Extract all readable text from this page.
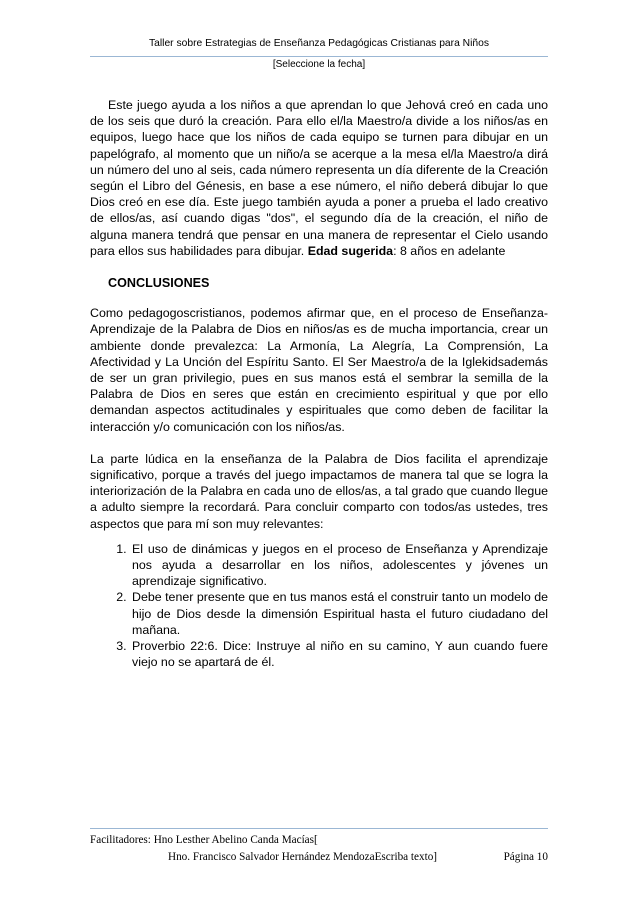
Taller sobre Estrategias de Enseñanza Pedagógicas Cristianas para Niños
[Seleccione la fecha]

Este juego ayuda a los niños a que aprendan lo que Jehová creó en cada uno de los seis que duró la creación. Para ello el/la Maestro/a divide a los niños/as en equipos, luego hace que los niños de cada equipo se turnen para dibujar en un papelógrafo, al momento que un niño/a se acerque a la mesa el/la Maestro/a dirá un número del uno al seis, cada número representa un día diferente de la Creación según el Libro del Génesis, en base a ese número, el niño deberá dibujar lo que Dios creó en ese día. Este juego también ayuda a poner a prueba el lado creativo de ellos/as, así cuando digas "dos", el segundo día de la creación, el niño de alguna manera tendrá que pensar en una manera de representar el Cielo usando para ellos sus habilidades para dibujar. Edad sugerida: 8 años en adelante

CONCLUSIONES

Como pedagogoscristianos, podemos afirmar que, en el proceso de Enseñanza-Aprendizaje de la Palabra de Dios en niños/as es de mucha importancia, crear un ambiente donde prevalezca: La Armonía, La Alegría, La Comprensión, La Afectividad y La Unción del Espíritu Santo. El Ser Maestro/a de la Iglekidsademás de ser un gran privilegio, pues en sus manos está el sembrar la semilla de la Palabra de Dios en seres que están en crecimiento espiritual y que por ello demandan aspectos actitudinales y espirituales que como deben de facilitar la interacción y/o comunicación con los niños/as.

La parte lúdica en la enseñanza de la Palabra de Dios facilita el aprendizaje significativo, porque a través del juego impactamos de manera tal que se logra la interiorización de la Palabra en cada uno de ellos/as, a tal grado que cuando llegue a adulto siempre la recordará. Para concluir comparto con todos/as ustedes, tres aspectos que para mí son muy relevantes:

1. El uso de dinámicas y juegos en el proceso de Enseñanza y Aprendizaje nos ayuda a desarrollar en los niños, adolescentes y jóvenes un aprendizaje significativo.
2. Debe tener presente que en tus manos está el construir tanto un modelo de hijo de Dios desde la dimensión Espiritual hasta el futuro ciudadano del mañana.
3. Proverbio 22:6. Dice: Instruye al niño en su camino, Y aun cuando fuere viejo no se apartará de él.
Facilitadores: Hno Lesther Abelino Canda Macías[
Hno. Francisco Salvador Hernández MendozaEscriba texto]	Página 10
